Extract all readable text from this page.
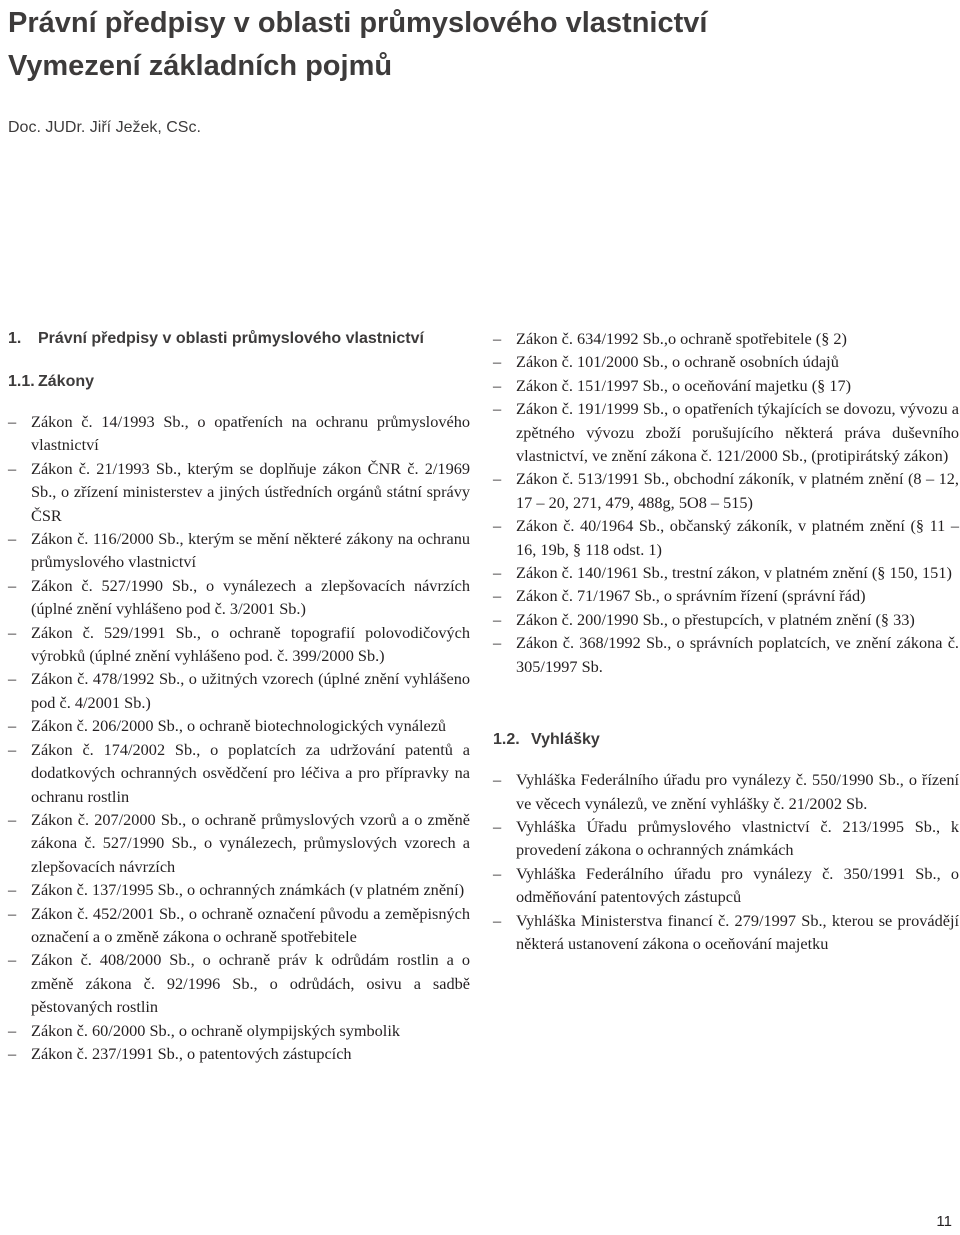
Právní předpisy v oblasti průmyslového vlastnictví
Vymezení základních pojmů
Doc. JUDr. Jiří Ježek, CSc.
1. Právní předpisy v oblasti průmyslového vlastnictví
1.1. Zákony
– Zákon č. 14/1993 Sb., o opatřeních na ochranu průmyslového vlastnictví
– Zákon č. 21/1993 Sb., kterým se doplňuje zákon ČNR č. 2/1969 Sb., o zřízení ministerstev a jiných ústředních orgánů státní správy ČSR
– Zákon č. 116/2000 Sb., kterým se mění některé zákony na ochranu průmyslového vlastnictví
– Zákon č. 527/1990 Sb., o vynálezech a zlepšovacích návrzích (úplné znění vyhlášeno pod č. 3/2001 Sb.)
– Zákon č. 529/1991 Sb., o ochraně topografií polovodičových výrobků (úplné znění vyhlášeno pod. č. 399/2000 Sb.)
– Zákon č. 478/1992 Sb., o užitných vzorech (úplné znění vyhlášeno pod č. 4/2001 Sb.)
– Zákon č. 206/2000 Sb., o ochraně biotechnologických vynálezů
– Zákon č. 174/2002 Sb., o poplatcích za udržování patentů a dodatkových ochranných osvědčení pro léčiva a pro přípravky na ochranu rostlin
– Zákon č. 207/2000 Sb., o ochraně průmyslových vzorů a o změně zákona č. 527/1990 Sb., o vynálezech, průmyslových vzorech a zlepšovacích návrzích
– Zákon č. 137/1995 Sb., o ochranných známkách (v platném znění)
– Zákon č. 452/2001 Sb., o ochraně označení původu a zeměpisných označení a o změně zákona o ochraně spotřebitele
– Zákon č. 408/2000 Sb., o ochraně práv k odrůdám rostlin a o změně zákona č. 92/1996 Sb., o odrůdách, osivu a sadbě pěstovaných rostlin
– Zákon č. 60/2000 Sb., o ochraně olympijských symbolik
– Zákon č. 237/1991 Sb., o patentových zástupcích
– Zákon č. 634/1992 Sb.,o ochraně spotřebitele (§ 2)
– Zákon č. 101/2000 Sb., o ochraně osobních údajů
– Zákon č. 151/1997 Sb., o oceňování majetku (§ 17)
– Zákon č. 191/1999 Sb., o opatřeních týkajících se dovozu, vývozu a zpětného vývozu zboží porušujícího některá práva duševního vlastnictví, ve znění zákona č. 121/2000 Sb., (protipirátský zákon)
– Zákon č. 513/1991 Sb., obchodní zákoník, v platném znění (8 – 12, 17 – 20, 271, 479, 488g, 5O8 – 515)
– Zákon č. 40/1964 Sb., občanský zákoník, v platném znění (§ 11 – 16, 19b, § 118 odst. 1)
– Zákon č. 140/1961 Sb., trestní zákon, v platném znění (§ 150, 151)
– Zákon č. 71/1967 Sb., o správním řízení (správní řád)
– Zákon č. 200/1990 Sb., o přestupcích, v platném znění (§ 33)
– Zákon č. 368/1992 Sb., o správních poplatcích, ve znění zákona č. 305/1997 Sb.
1.2. Vyhlášky
– Vyhláška Federálního úřadu pro vynálezy č. 550/1990 Sb., o řízení ve věcech vynálezů, ve znění vyhlášky č. 21/2002 Sb.
– Vyhláška Úřadu průmyslového vlastnictví č. 213/1995 Sb., k provedení zákona o ochranných známkách
– Vyhláška Federálního úřadu pro vynálezy č. 350/1991 Sb., o odměňování patentových zástupců
– Vyhláška Ministerstva financí č. 279/1997 Sb., kterou se provádějí některá ustanovení zákona o oceňování majetku
11
